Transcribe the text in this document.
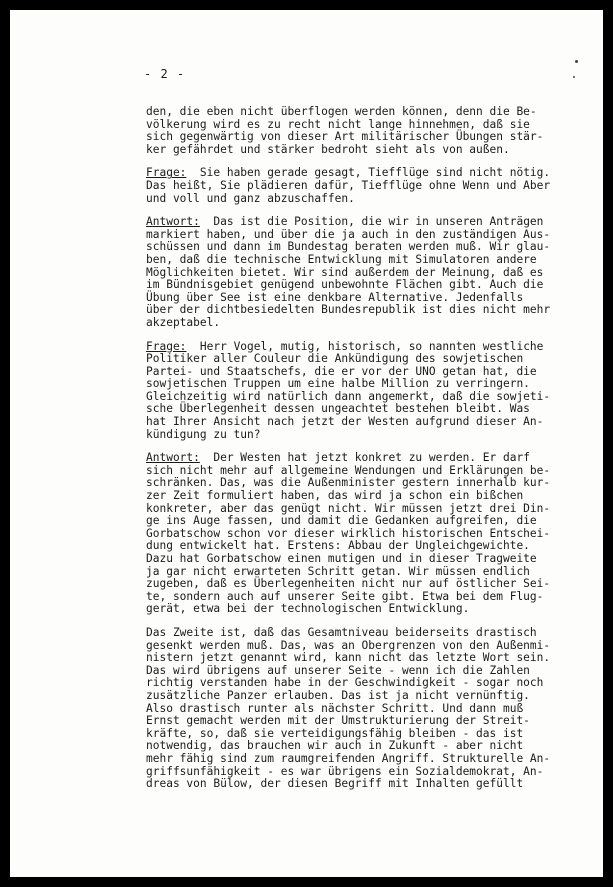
- 2 -
den, die eben nicht überflogen werden können, denn die Be-
völkerung wird es zu recht nicht lange hinnehmen, daß sie
sich gegenwärtig von dieser Art militärischer Übungen stär-
ker gefährdet und stärker bedroht sieht als von außen.
Frage:  Sie haben gerade gesagt, Tiefflüge sind nicht nötig.
Das heißt, Sie plädieren dafür, Tiefflüge ohne Wenn und Aber
und voll und ganz abzuschaffen.
Antwort:  Das ist die Position, die wir in unseren Anträgen
markiert haben, und über die ja auch in den zuständigen Aus-
schüssen und dann im Bundestag beraten werden muß. Wir glau-
ben, daß die technische Entwicklung mit Simulatoren andere
Möglichkeiten bietet. Wir sind außerdem der Meinung, daß es
im Bündnisgebiet genügend unbewohnte Flächen gibt. Auch die
Übung über See ist eine denkbare Alternative. Jedenfalls
über der dichtbesiedelten Bundesrepublik ist dies nicht mehr
akzeptabel.
Frage:  Herr Vogel, mutig, historisch, so nannten westliche
Politiker aller Couleur die Ankündigung des sowjetischen
Partei- und Staatschefs, die er vor der UNO getan hat, die
sowjetischen Truppen um eine halbe Million zu verringern.
Gleichzeitig wird natürlich dann angemerkt, daß die sowjeti-
sche Überlegenheit dessen ungeachtet bestehen bleibt. Was
hat Ihrer Ansicht nach jetzt der Westen aufgrund dieser An-
kündigung zu tun?
Antwort:  Der Westen hat jetzt konkret zu werden. Er darf
sich nicht mehr auf allgemeine Wendungen und Erklärungen be-
schränken. Das, was die Außenminister gestern innerhalb kur-
zer Zeit formuliert haben, das wird ja schon ein bißchen
konkreter, aber das genügt nicht. Wir müssen jetzt drei Din-
ge ins Auge fassen, und damit die Gedanken aufgreifen, die
Gorbatschow schon vor dieser wirklich historischen Entschei-
dung entwickelt hat. Erstens: Abbau der Ungleichgewichte.
Dazu hat Gorbatschow einen mutigen und in dieser Tragweite
ja gar nicht erwarteten Schritt getan. Wir müssen endlich
zugeben, daß es Überlegenheiten nicht nur auf östlicher Sei-
te, sondern auch auf unserer Seite gibt. Etwa bei dem Flug-
gerät, etwa bei der technologischen Entwicklung.
Das Zweite ist, daß das Gesamtniveau beiderseits drastisch
gesenkt werden muß. Das, was an Obergrenzen von den Außenmi-
nistern jetzt genannt wird, kann nicht das letzte Wort sein.
Das wird übrigens auf unserer Seite - wenn ich die Zahlen
richtig verstanden habe in der Geschwindigkeit - sogar noch
zusätzliche Panzer erlauben. Das ist ja nicht vernünftig.
Also drastisch runter als nächster Schritt. Und dann muß
Ernst gemacht werden mit der Umstrukturierung der Streit-
kräfte, so, daß sie verteidigungsfähig bleiben - das ist
notwendig, das brauchen wir auch in Zukunft - aber nicht
mehr fähig sind zum raumgreifenden Angriff. Strukturelle An-
griffsunfähigkeit - es war übrigens ein Sozialdemokrat, An-
dreas von Bülow, der diesen Begriff mit Inhalten gefüllt
